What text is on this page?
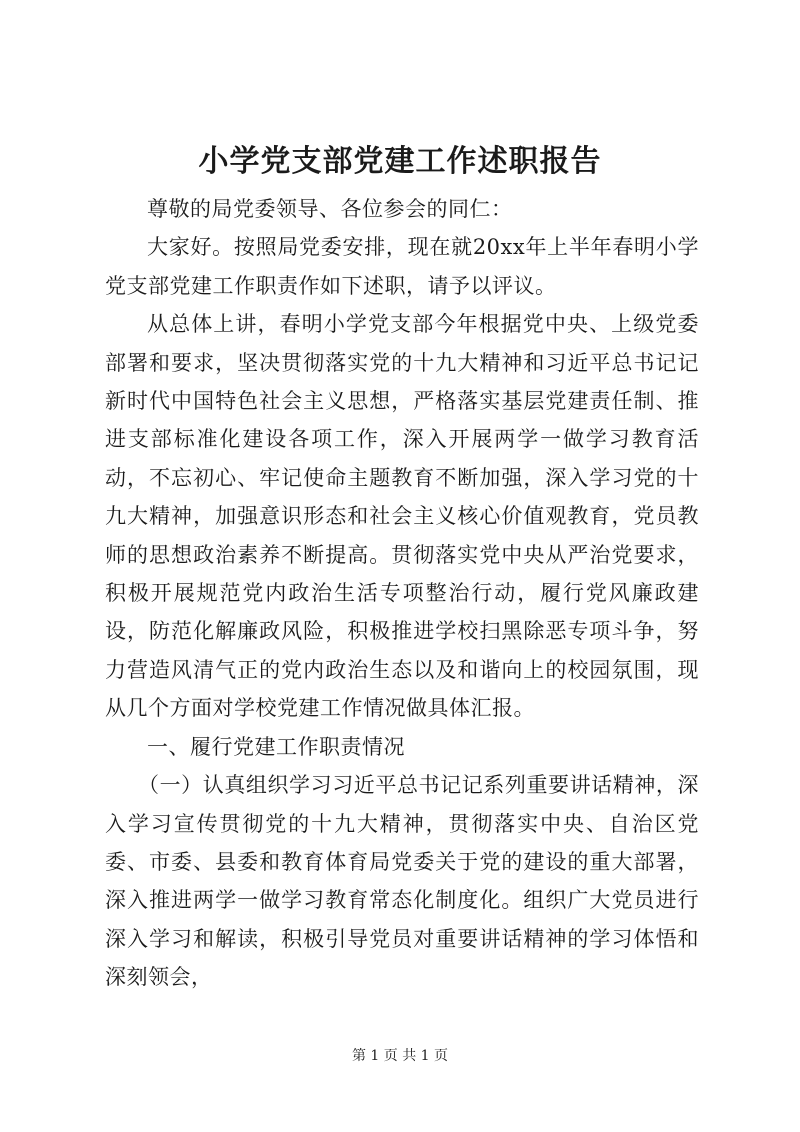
小学党支部党建工作述职报告

尊敬的局党委领导、各位参会的同仁：

大家好。按照局党委安排，现在就20xx年上半年春明小学党支部党建工作职责作如下述职，请予以评议。

从总体上讲，春明小学党支部今年根据党中央、上级党委部署和要求，坚决贯彻落实党的十九大精神和习近平总书记记新时代中国特色社会主义思想，严格落实基层党建责任制、推进支部标准化建设各项工作，深入开展两学一做学习教育活动，不忘初心、牢记使命主题教育不断加强，深入学习党的十九大精神，加强意识形态和社会主义核心价值观教育，党员教师的思想政治素养不断提高。贯彻落实党中央从严治党要求，积极开展规范党内政治生活专项整治行动，履行党风廉政建设，防范化解廉政风险，积极推进学校扫黑除恶专项斗争，努力营造风清气正的党内政治生态以及和谐向上的校园氛围，现从几个方面对学校党建工作情况做具体汇报。

一、履行党建工作职责情况

（一）认真组织学习习近平总书记记系列重要讲话精神，深入学习宣传贯彻党的十九大精神，贯彻落实中央、自治区党委、市委、县委和教育体育局党委关于党的建设的重大部署，深入推进两学一做学习教育常态化制度化。组织广大党员进行深入学习和解读，积极引导党员对重要讲话精神的学习体悟和深刻领会，

第 1 页 共 1 页
